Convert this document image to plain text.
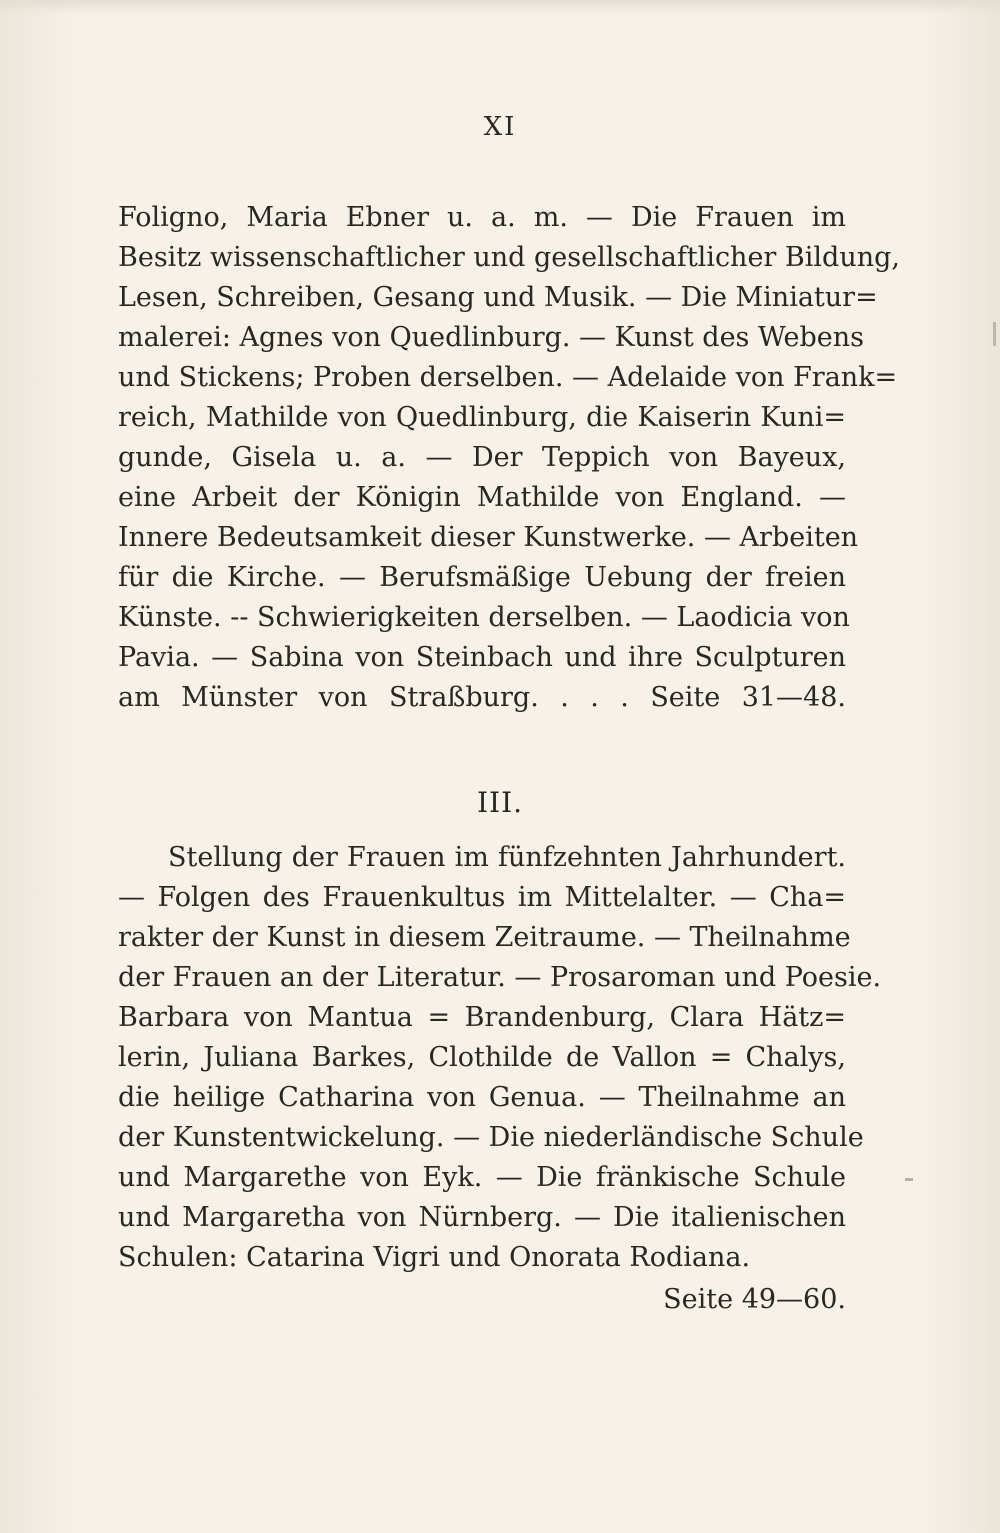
XI
Foligno, Maria Ebner u. a. m. — Die Frauen im
Besitz wissenschaftlicher und gesellschaftlicher Bildung,
Lesen, Schreiben, Gesang und Musik. — Die Miniatur=
malerei: Agnes von Quedlinburg. — Kunst des Webens
und Stickens; Proben derselben. — Adelaide von Frank=
reich, Mathilde von Quedlinburg, die Kaiserin Kuni=
gunde, Gisela u. a. — Der Teppich von Bayeux,
eine Arbeit der Königin Mathilde von England. —
Innere Bedeutsamkeit dieser Kunstwerke. — Arbeiten
für die Kirche. — Berufsmäßige Uebung der freien
Künste. -- Schwierigkeiten derselben. — Laodicia von
Pavia. — Sabina von Steinbach und ihre Sculpturen
am Münster von Straßburg. . . . Seite 31—48.
III.
Stellung der Frauen im fünfzehnten Jahrhundert.
— Folgen des Frauenkultus im Mittelalter. — Cha=
rakter der Kunst in diesem Zeitraume. — Theilnahme
der Frauen an der Literatur. — Prosaroman und Poesie.
Barbara von Mantua = Brandenburg, Clara Hätz=
lerin, Juliana Barkes, Clothilde de Vallon = Chalys,
die heilige Catharina von Genua. — Theilnahme an
der Kunstentwickelung. — Die niederländische Schule
und Margarethe von Eyk. — Die fränkische Schule
und Margaretha von Nürnberg. — Die italienischen
Schulen: Catarina Vigri und Onorata Rodiana.
Seite 49—60.
